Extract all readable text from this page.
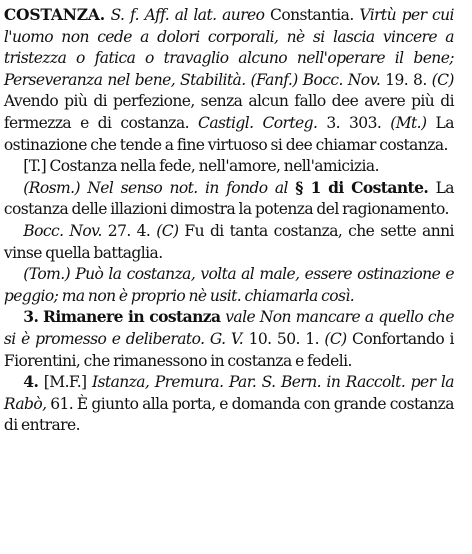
COSTANZA. S. f. Aff. al lat. aureo Constantia. Virtù per cui l'uomo non cede a dolori corporali, nè si lascia vincere a tristezza o fatica o travaglio alcuno nell'operare il bene; Perseveranza nel bene, Stabilità. (Fanf.) Bocc. Nov. 19. 8. (C) Avendo più di perfezione, senza alcun fallo dee avere più di fermezza e di costanza. Castigl. Corteg. 3. 303. (Mt.) La ostinazione che tende a fine virtuoso si dee chiamar costanza.

[T.] Costanza nella fede, nell'amore, nell'amicizia.

(Rosm.) Nel senso not. in fondo al § 1 di Costante. La costanza delle illazioni dimostra la potenza del ragionamento.

Bocc. Nov. 27. 4. (C) Fu di tanta costanza, che sette anni vinse quella battaglia.

(Tom.) Può la costanza, volta al male, essere ostinazione e peggio; ma non è proprio nè usit. chiamarla così.

3. Rimanere in costanza vale Non mancare a quello che si è promesso e deliberato. G. V. 10. 50. 1. (C) Confortando i Fiorentini, che rimanessono in costanza e fedeli.

4. [M.F.] Istanza, Premura. Par. S. Bern. in Raccolt. per la Rabò, 61. È giunto alla porta, e domanda con grande costanza di entrare.
